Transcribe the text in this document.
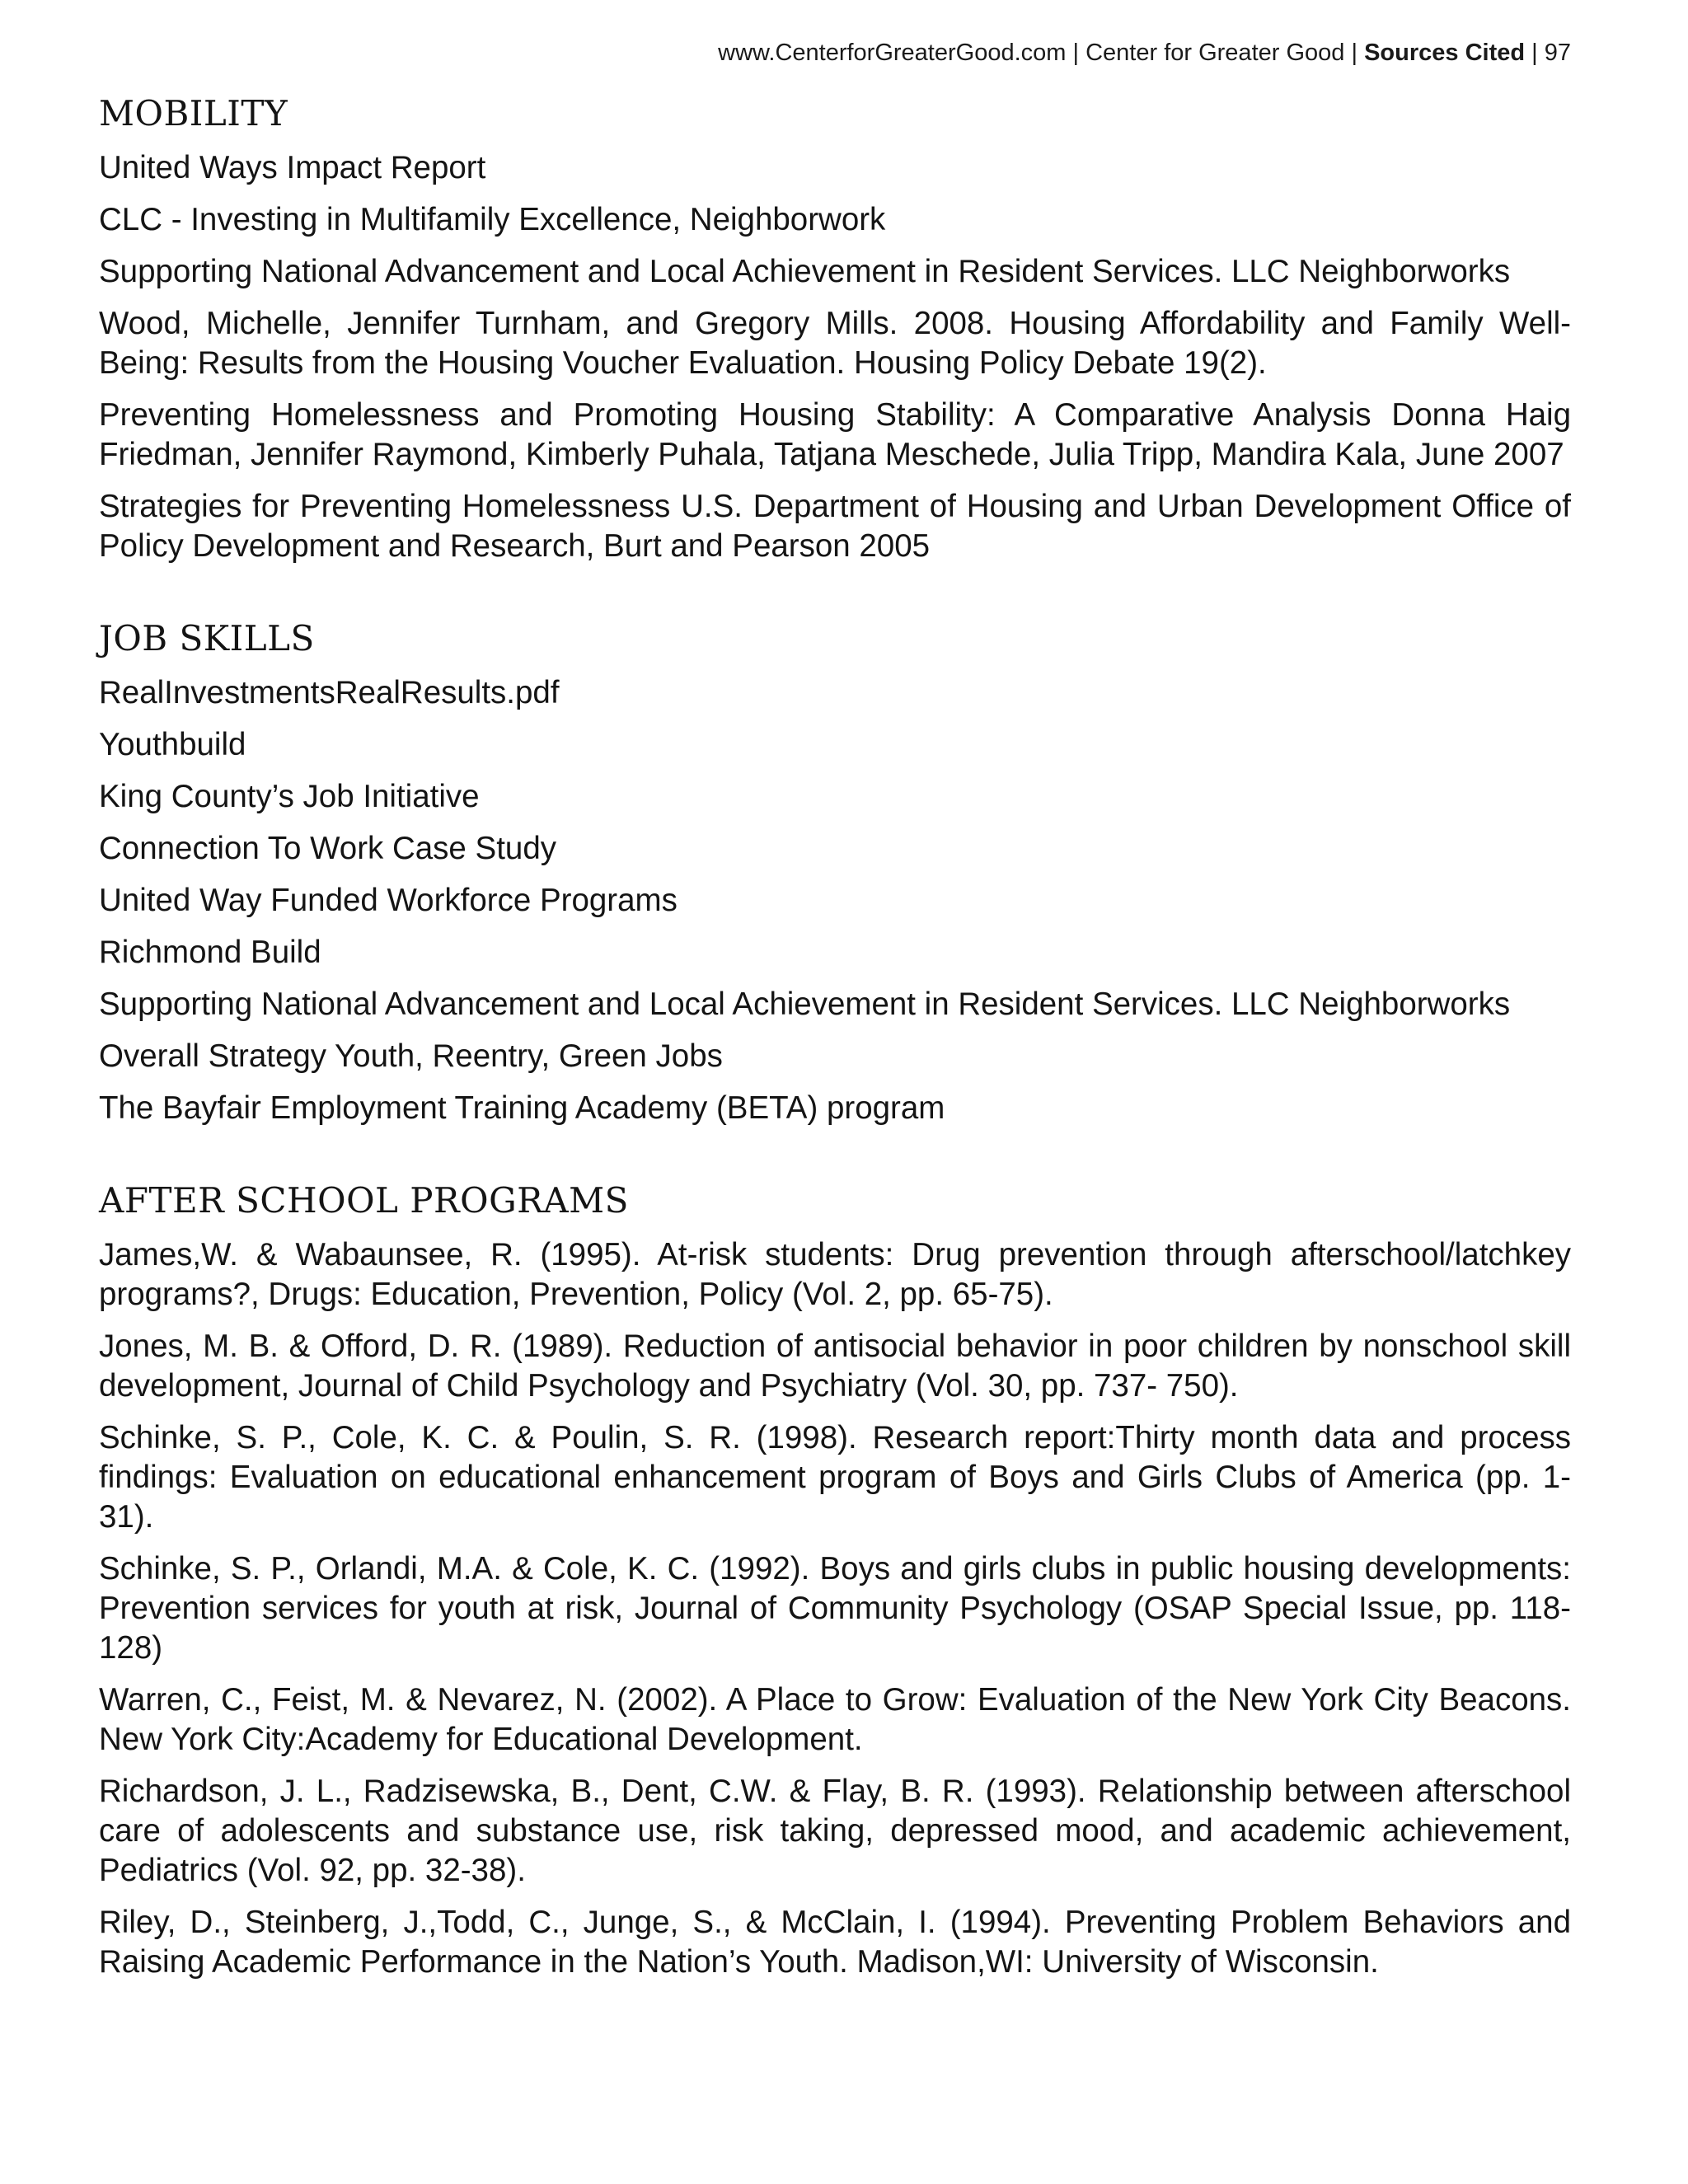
www.CenterforGreaterGood.com | Center for Greater Good | Sources Cited | 97
MOBILITY
United Ways Impact Report
CLC - Investing in Multifamily Excellence, Neighborwork
Supporting National Advancement and Local Achievement in Resident Services. LLC Neighborworks
Wood, Michelle, Jennifer Turnham, and Gregory Mills. 2008. Housing Affordability and Family Well-Being: Results from the Housing Voucher Evaluation. Housing Policy Debate 19(2).
Preventing Homelessness and Promoting Housing Stability: A Comparative Analysis Donna Haig Friedman, Jennifer Raymond, Kimberly Puhala, Tatjana Meschede, Julia Tripp, Mandira Kala, June 2007
Strategies for Preventing Homelessness U.S. Department of Housing and Urban Development Office of Policy Development and Research, Burt and Pearson 2005
JOB SKILLS
RealInvestmentsRealResults.pdf
Youthbuild
King County’s Job Initiative
Connection To Work Case Study
United Way Funded Workforce Programs
Richmond Build
Supporting National Advancement and Local Achievement in Resident Services. LLC Neighborworks
Overall Strategy Youth, Reentry, Green Jobs
The Bayfair Employment Training Academy (BETA) program
AFTER SCHOOL PROGRAMS
James,W. & Wabaunsee, R. (1995). At-risk students: Drug prevention through afterschool/latchkey programs?, Drugs: Education, Prevention, Policy (Vol. 2, pp. 65-75).
Jones, M. B. & Offord, D. R. (1989). Reduction of antisocial behavior in poor children by nonschool skill development, Journal of Child Psychology and Psychiatry (Vol. 30, pp. 737- 750).
Schinke, S. P., Cole, K. C. & Poulin, S. R. (1998). Research report:Thirty month data and process findings: Evaluation on educational enhancement program of Boys and Girls Clubs of America (pp. 1-31).
Schinke, S. P., Orlandi, M.A. & Cole, K. C. (1992). Boys and girls clubs in public housing developments: Prevention services for youth at risk, Journal of Community Psychology (OSAP Special Issue, pp. 118-128)
Warren, C., Feist, M. & Nevarez, N. (2002). A Place to Grow: Evaluation of the New York City Beacons. New York City:Academy for Educational Development.
Richardson, J. L., Radzisewska, B., Dent, C.W. & Flay, B. R. (1993). Relationship between afterschool care of adolescents and substance use, risk taking, depressed mood, and academic achievement, Pediatrics (Vol. 92, pp. 32-38).
Riley, D., Steinberg, J.,Todd, C., Junge, S., & McClain, I. (1994). Preventing Problem Behaviors and Raising Academic Performance in the Nation’s Youth. Madison,WI: University of Wisconsin.
